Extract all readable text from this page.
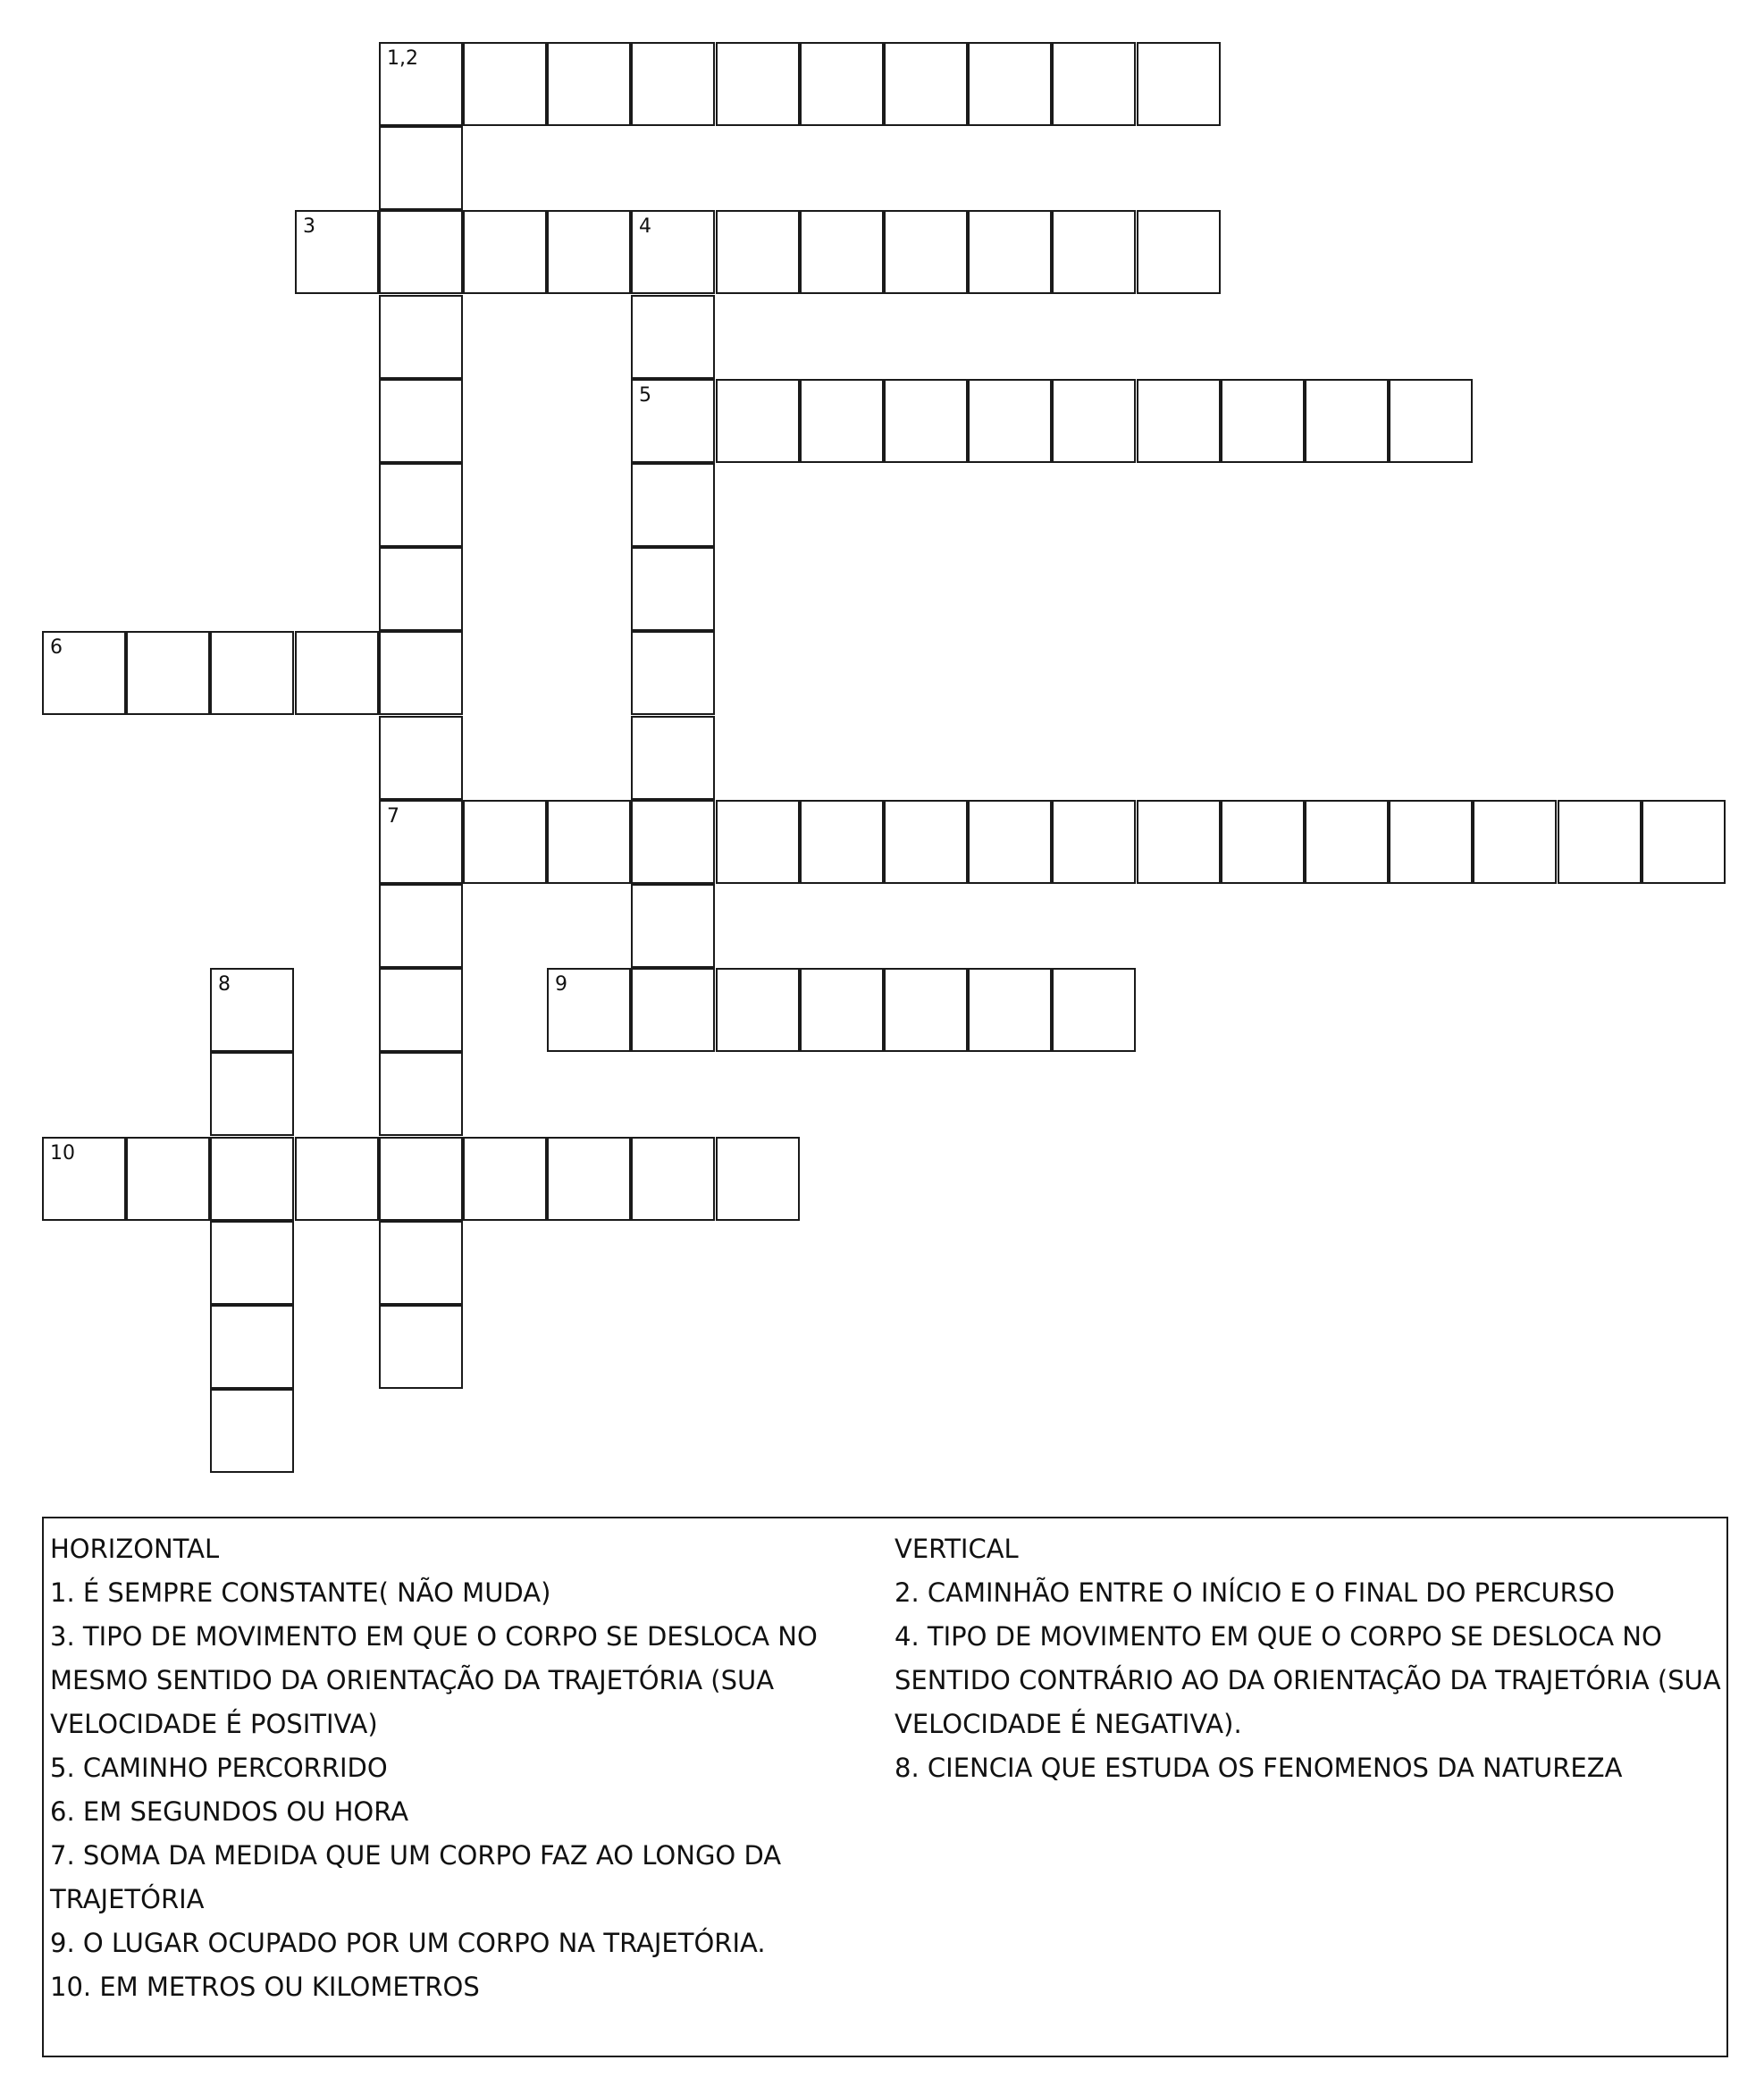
1,2
3	4
5
6
7
8	9
10
HORIZONTAL
1. É SEMPRE CONSTANTE( NÃO MUDA)
3. TIPO DE MOVIMENTO EM QUE O CORPO SE DESLOCA NO
MESMO SENTIDO DA ORIENTAÇÃO DA TRAJETÓRIA (SUA
VELOCIDADE É POSITIVA)
5. CAMINHO PERCORRIDO
6. EM SEGUNDOS OU HORA
7. SOMA DA MEDIDA QUE UM CORPO FAZ AO LONGO DA
TRAJETÓRIA
9. O LUGAR OCUPADO POR UM CORPO NA TRAJETÓRIA.
10. EM METROS OU KILOMETROS
VERTICAL
2. CAMINHÃO ENTRE O INÍCIO E O FINAL DO PERCURSO
4. TIPO DE MOVIMENTO EM QUE O CORPO SE DESLOCA NO
SENTIDO CONTRÁRIO AO DA ORIENTAÇÃO DA TRAJETÓRIA (SUA
VELOCIDADE É NEGATIVA).
8. CIENCIA QUE ESTUDA OS FENOMENOS DA NATUREZA
